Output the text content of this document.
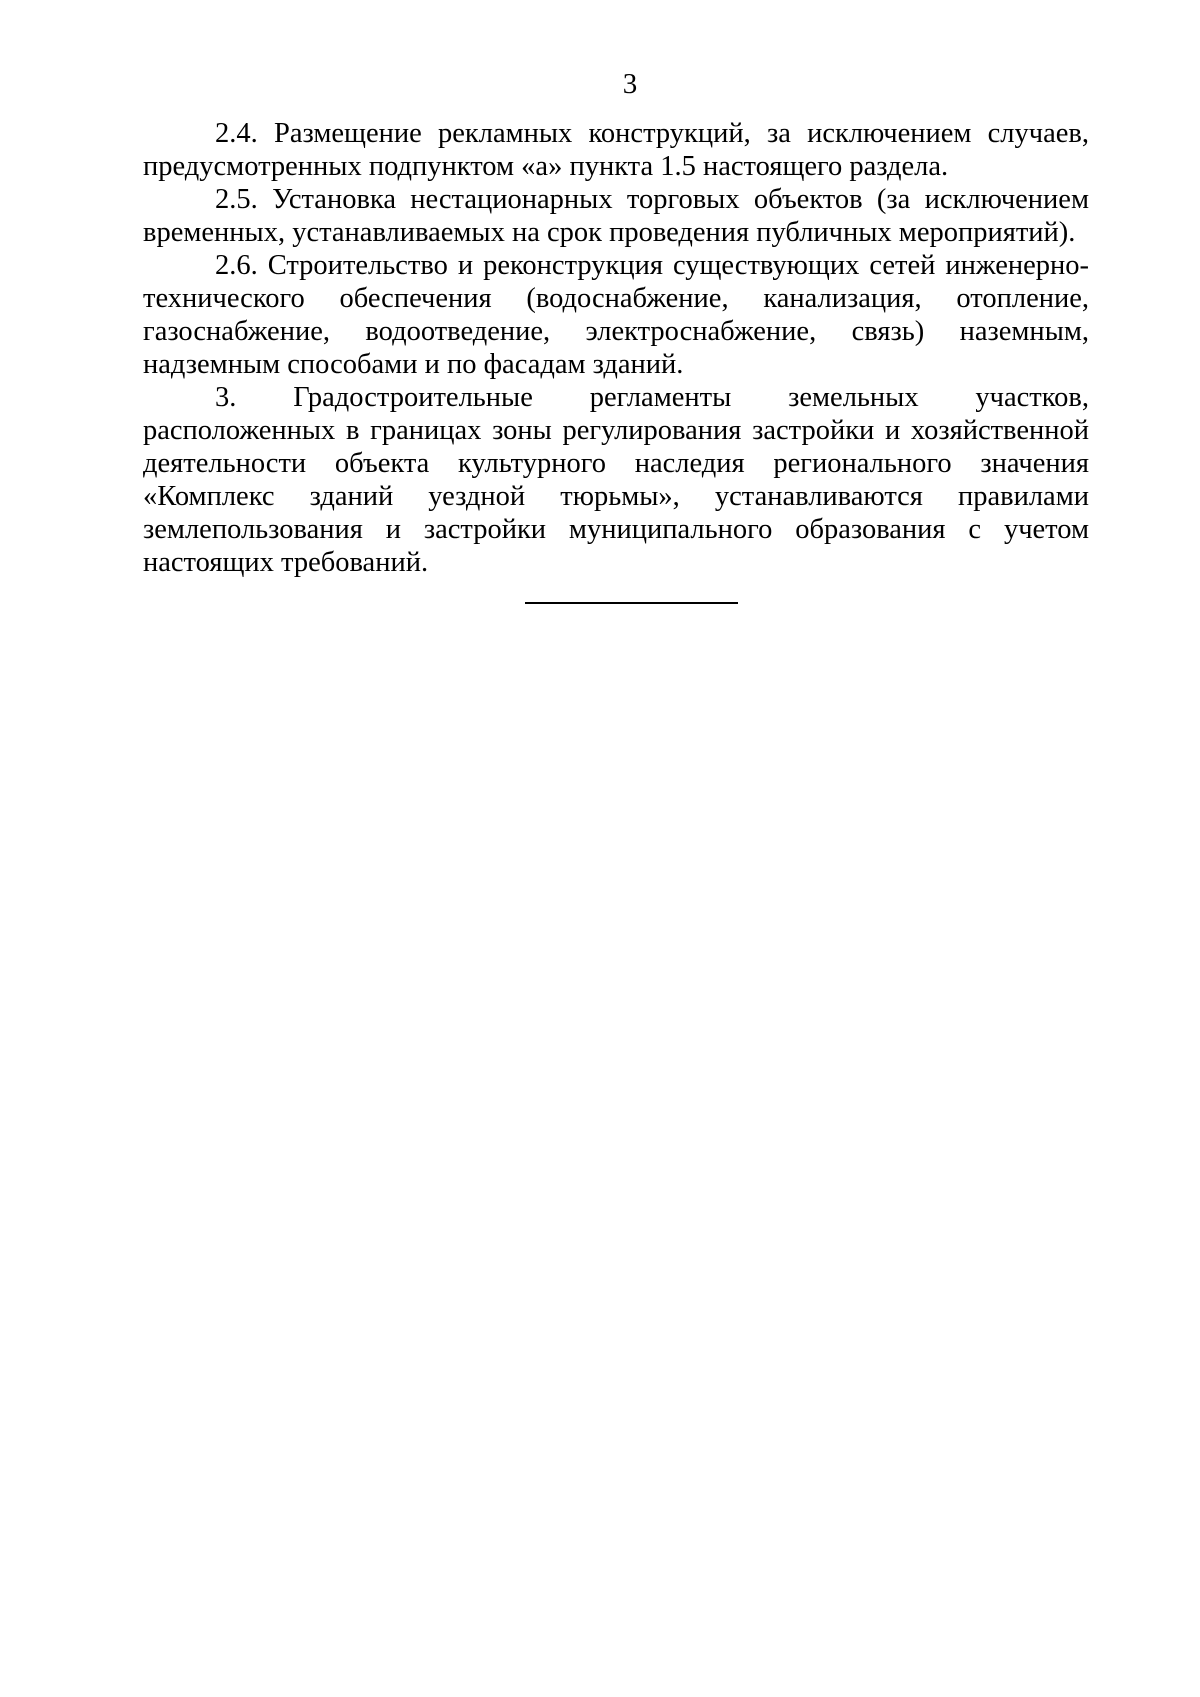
3

2.4. Размещение рекламных конструкций, за исключением случаев, предусмотренных подпунктом «а» пункта 1.5 настоящего раздела.

2.5. Установка нестационарных торговых объектов (за исключением временных, устанавливаемых на срок проведения публичных мероприятий).

2.6. Строительство и реконструкция существующих сетей инженерно-технического обеспечения (водоснабжение, канализация, отопление, газоснабжение, водоотведение, электроснабжение, связь) наземным, надземным способами и по фасадам зданий.

3. Градостроительные регламенты земельных участков, расположенных в границах зоны регулирования застройки и хозяйственной деятельности объекта культурного наследия регионального значения «Комплекс зданий уездной тюрьмы», устанавливаются правилами землепользования и застройки муниципального образования с учетом настоящих требований.
